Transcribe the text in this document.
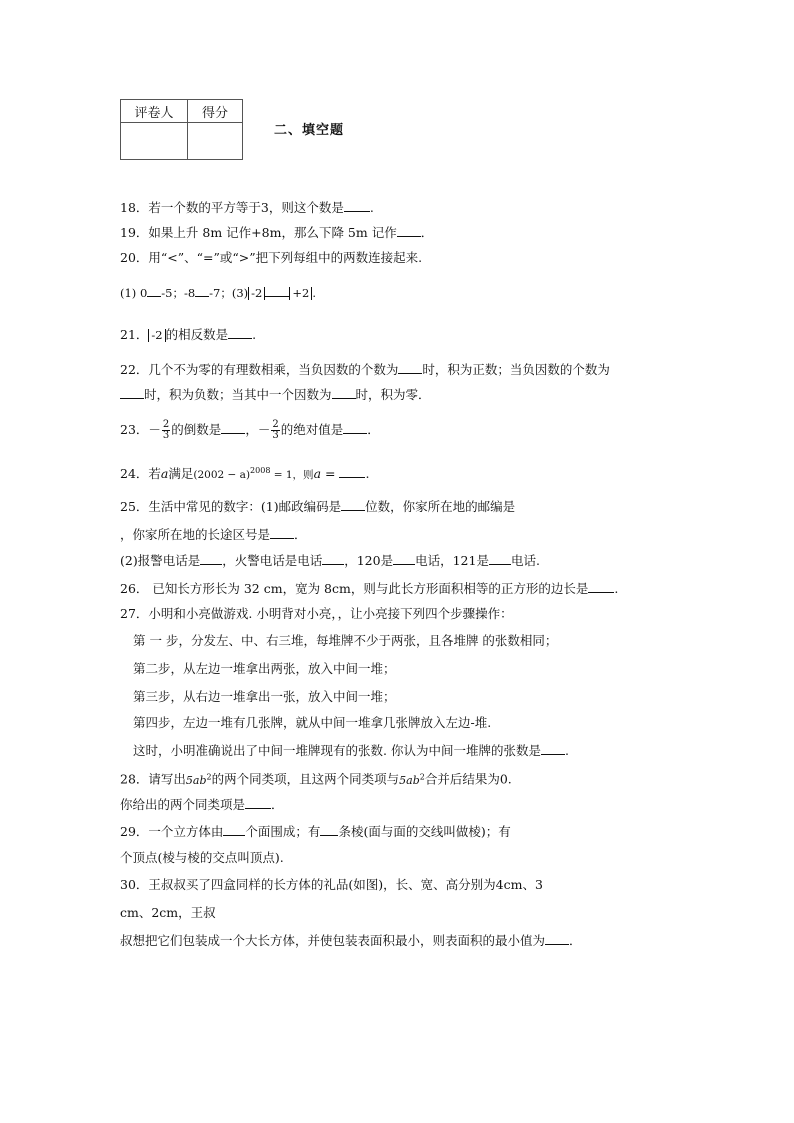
评卷人	得分

二、填空题
18．若一个数的平方等于3，则这个数是 .
19．如果上升 8m 记作+8m，那么下降 5m 记作 ．
20．用“<”、“=”或“>”把下列每组中的两数连接起来.
(1) 0 -5；-8 -7；(3) -2	+2 .
21． -2 的相反数是 .
22．几个不为零的有理数相乘，当负因数的个数为 时，积为正数；当负因数的个数为
时，积为负数；当其中一个因数为 时，积为零．
23．－ $\frac{2}{3}$ 的倒数是 ，－ $\frac{2}{3}$ 的绝对值是 ．
24．若a满足$(2002 - a)^{2008} = 1$，则a = .
25．生活中常见的数字：(1)邮政编码是 位数，你家所在地的邮编是
，你家所在地的长途区号是 ．
(2)报警电话是 ，火警电话是电话 ，120是 电话，121是 电话.
26． 已知长方形长为 32 cm，宽为 8cm，则与此长方形面积相等的正方形的边长是 .
27．小明和小亮做游戏. 小明背对小亮，，让小亮接下列四个步骤操作：
第 一 步，分发左、中、右三堆，每堆牌不少于两张，且各堆牌 的张数相同；
第二步，从左边一堆拿出两张，放入中间一堆；
第三步，从右边一堆拿出一张，放入中间一堆；
第四步，左边一堆有几张牌，就从中间一堆拿几张牌放入左边-堆.
这时，小明准确说出了中间一堆牌现有的张数. 你认为中间一堆牌的张数是 .
28．请写出$5ab^2$的两个同类项，且这两个同类项与$5ab^2$合并后结果为0.
你给出的两个同类项是 ．
29．一个立方体由 个面围成；有 条棱(面与面的交线叫做棱)；有
个顶点(棱与棱的交点叫顶点).
30．王叔叔买了四盒同样的长方体的礼品(如图)，长、宽、高分别为4cm、3
cm、2cm，王叔
叔想把它们包装成一个大长方体，并使包装表面积最小，则表面积的最小值为 ．
